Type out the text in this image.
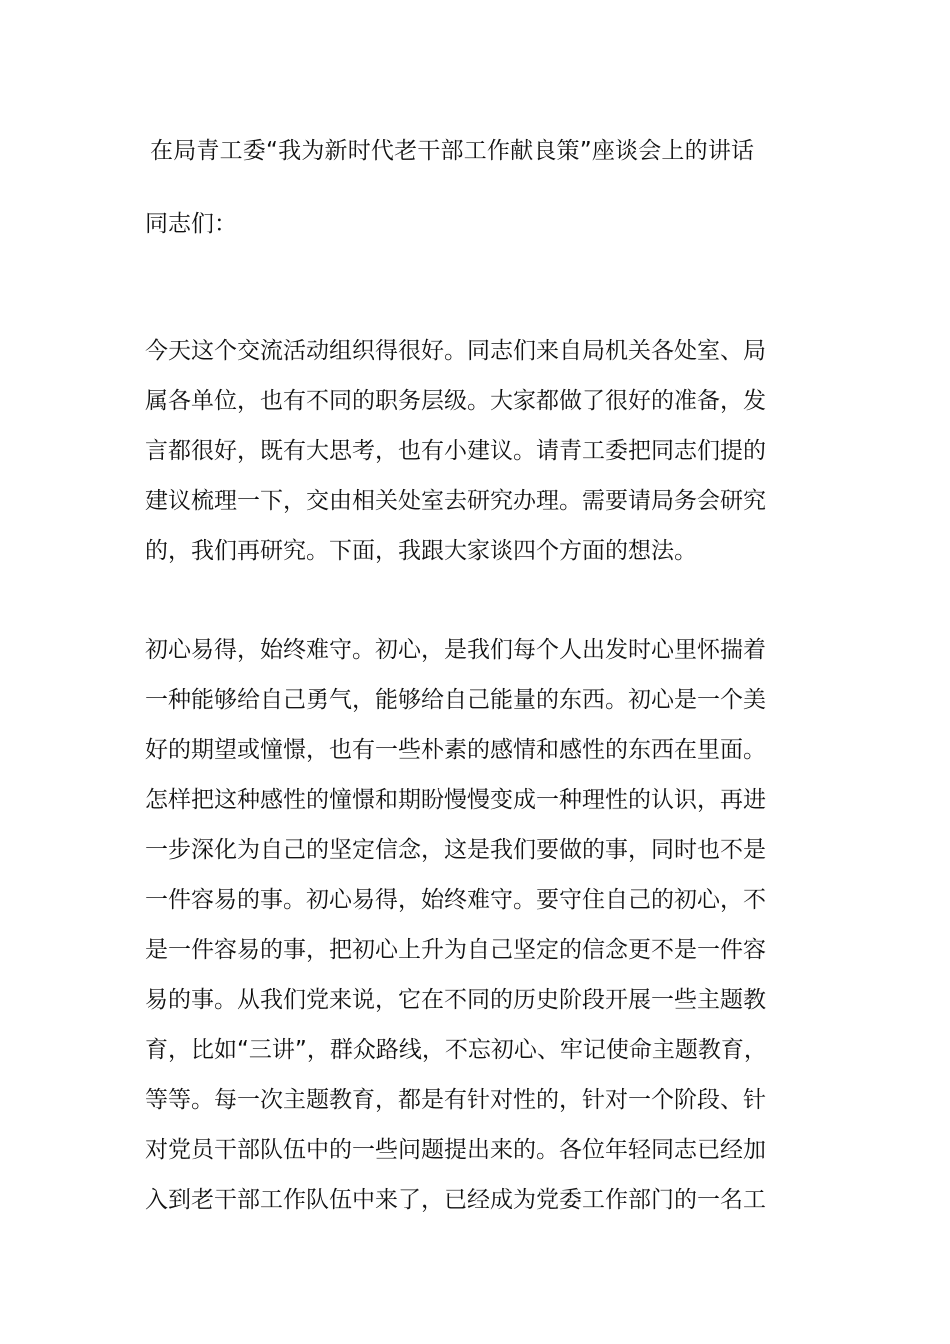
在局青工委“我为新时代老干部工作献良策”座谈会上的讲话
同志们：
今天这个交流活动组织得很好。同志们来自局机关各处室、局
属各单位，也有不同的职务层级。大家都做了很好的准备，发
言都很好，既有大思考，也有小建议。请青工委把同志们提的
建议梳理一下，交由相关处室去研究办理。需要请局务会研究
的，我们再研究。下面，我跟大家谈四个方面的想法。
初心易得，始终难守。初心，是我们每个人出发时心里怀揣着
一种能够给自己勇气，能够给自己能量的东西。初心是一个美
好的期望或憧憬，也有一些朴素的感情和感性的东西在里面。
怎样把这种感性的憧憬和期盼慢慢变成一种理性的认识，再进
一步深化为自己的坚定信念，这是我们要做的事，同时也不是
一件容易的事。初心易得，始终难守。要守住自己的初心，不
是一件容易的事，把初心上升为自己坚定的信念更不是一件容
易的事。从我们党来说，它在不同的历史阶段开展一些主题教
育，比如“三讲”，群众路线，不忘初心、牢记使命主题教育，
等等。每一次主题教育，都是有针对性的，针对一个阶段、针
对党员干部队伍中的一些问题提出来的。各位年轻同志已经加
入到老干部工作队伍中来了，已经成为党委工作部门的一名工
